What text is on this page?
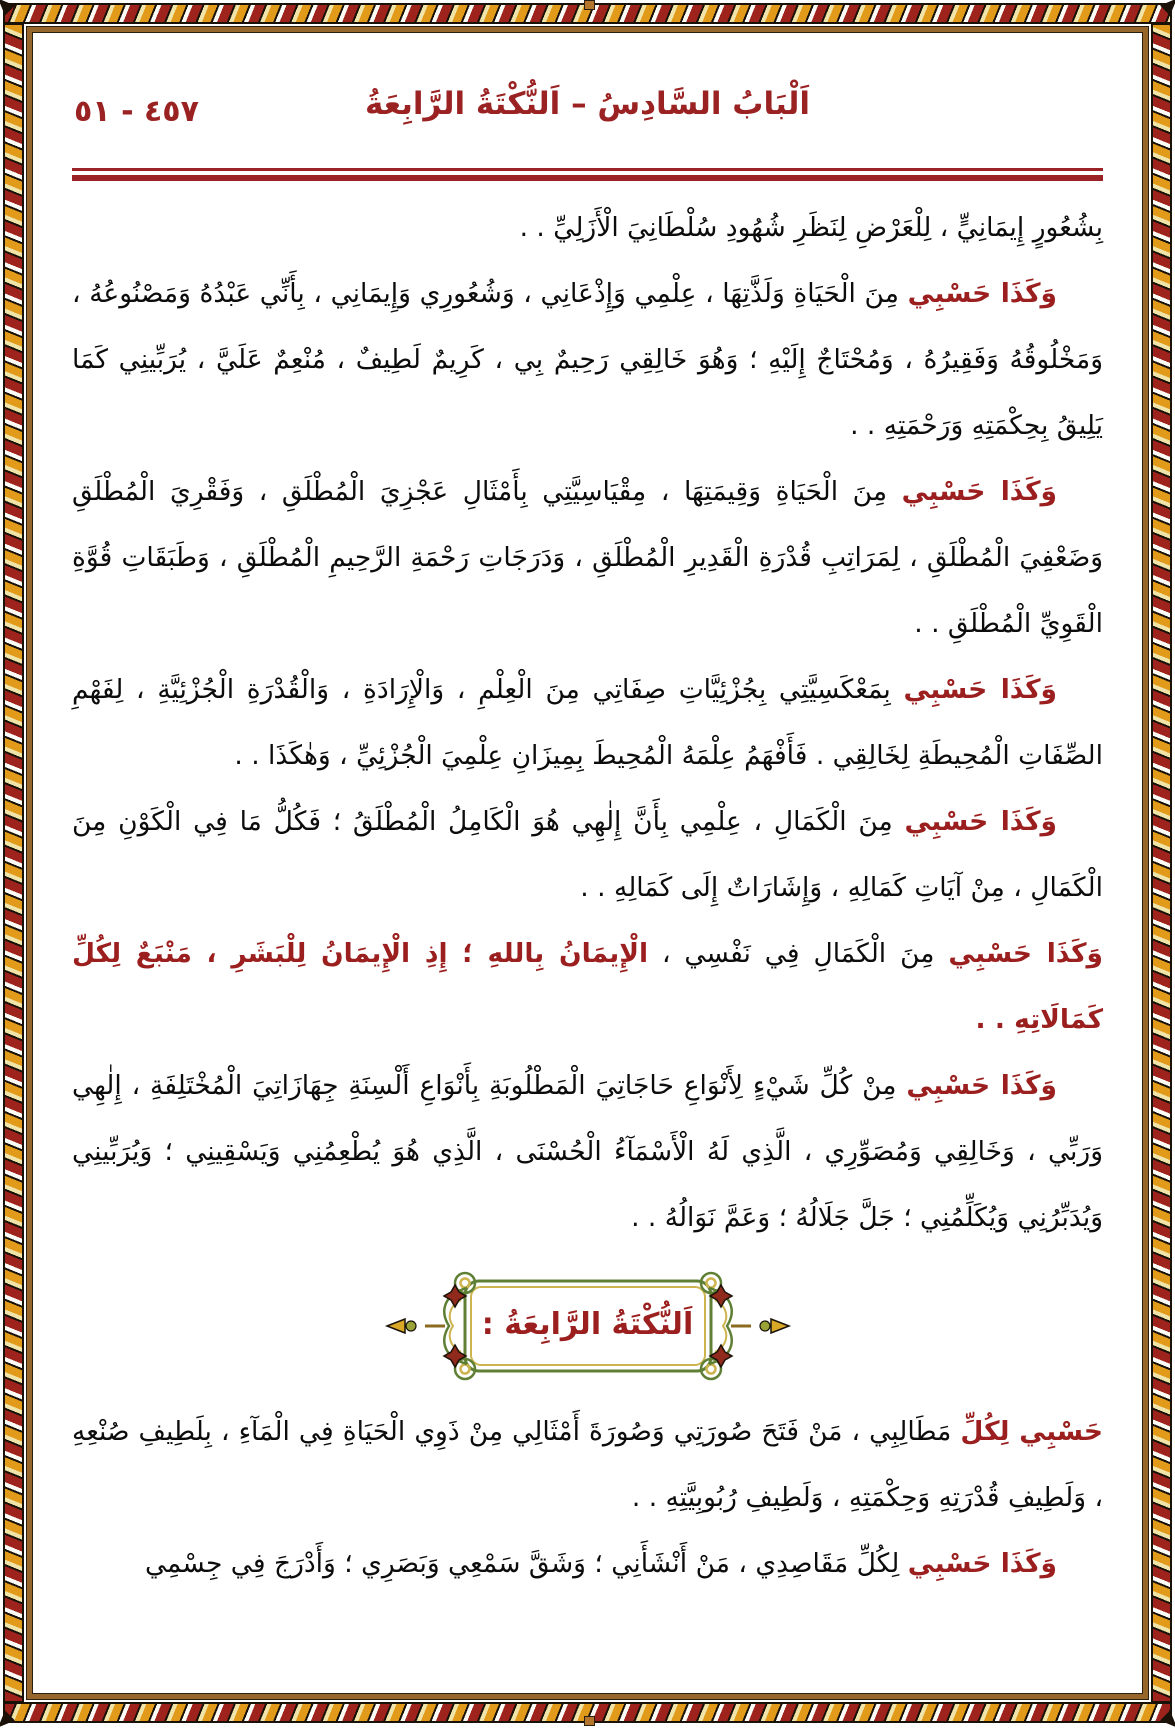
٤٥٧ - ٥١	اَلْبَابُ السَّادِسُ – اَلنُّكْتَةُ الرَّابِعَةُ

بِشُعُورٍ إِيمَانِيٍّ ، لِلْعَرْضِ لِنَظَرِ شُهُودِ سُلْطَانِيَ الْأَزَلِيِّ . .

وَكَذَا حَسْبِي مِنَ الْحَيَاةِ وَلَذَّتِهَا ، عِلْمِي وَإِذْعَانِي ، وَشُعُورِي وَإِيمَانِي ، بِأَنِّي عَبْدُهُ وَمَصْنُوعُهُ ، وَمَخْلُوقُهُ وَفَقِيرُهُ ، وَمُحْتَاجٌ إِلَيْهِ ؛ وَهُوَ خَالِقِي رَحِيمٌ بِي ، كَرِيمٌ لَطِيفٌ ، مُنْعِمٌ عَلَيَّ ، يُرَبِّينِي كَمَا يَلِيقُ بِحِكْمَتِهِ وَرَحْمَتِهِ . .

وَكَذَا حَسْبِي مِنَ الْحَيَاةِ وَقِيمَتِهَا ، مِقْيَاسِيَّتِي بِأَمْثَالِ عَجْزِيَ الْمُطْلَقِ ، وَفَقْرِيَ الْمُطْلَقِ وَضَعْفِيَ الْمُطْلَقِ ، لِمَرَاتِبِ قُدْرَةِ الْقَدِيرِ الْمُطْلَقِ ، وَدَرَجَاتِ رَحْمَةِ الرَّحِيمِ الْمُطْلَقِ ، وَطَبَقَاتِ قُوَّةِ الْقَوِيِّ الْمُطْلَقِ . .

وَكَذَا حَسْبِي بِمَعْكَسِيَّتِي بِجُزْئِيَّاتِ صِفَاتِي مِنَ الْعِلْمِ ، وَالْإِرَادَةِ ، وَالْقُدْرَةِ الْجُزْئِيَّةِ ، لِفَهْمِ الصِّفَاتِ الْمُحِيطَةِ لِخَالِقِي . فَأَفْهَمُ عِلْمَهُ الْمُحِيطَ بِمِيزَانِ عِلْمِيَ الْجُزْئِيِّ ، وَهٰكَذَا . .

وَكَذَا حَسْبِي مِنَ الْكَمَالِ ، عِلْمِي بِأَنَّ إِلٰهِي هُوَ الْكَامِلُ الْمُطْلَقُ ؛ فَكُلُّ مَا فِي الْكَوْنِ مِنَ الْكَمَالِ ، مِنْ آيَاتِ كَمَالِهِ ، وَإِشَارَاتٌ إِلَى كَمَالِهِ . .

وَكَذَا حَسْبِي مِنَ الْكَمَالِ فِي نَفْسِي ، الْإِيمَانُ بِاللهِ ؛ إِذِ الْإِيمَانُ لِلْبَشَرِ ، مَنْبَعٌ لِكُلِّ كَمَالَاتِهِ . .

وَكَذَا حَسْبِي مِنْ كُلِّ شَيْءٍ لِأَنْوَاعِ حَاجَاتِيَ الْمَطْلُوبَةِ بِأَنْوَاعِ أَلْسِنَةِ جِهَازَاتِيَ الْمُخْتَلِفَةِ ، إِلٰهِي وَرَبِّي ، وَخَالِقِي وَمُصَوِّرِي ، الَّذِي لَهُ الْأَسْمَآءُ الْحُسْنَى ، الَّذِي هُوَ يُطْعِمُنِي وَيَسْقِينِي ؛ وَيُرَبِّينِي وَيُدَبِّرُنِي وَيُكَلِّمُنِي ؛ جَلَّ جَلَالُهُ ؛ وَعَمَّ نَوَالُهُ . .

اَلنُّكْتَةُ الرَّابِعَةُ :

حَسْبِي لِكُلِّ مَطَالِبِي ، مَنْ فَتَحَ صُورَتِي وَصُورَةَ أَمْثَالِي مِنْ ذَوِي الْحَيَاةِ فِي الْمَآءِ ، بِلَطِيفِ صُنْعِهِ ، وَلَطِيفِ قُدْرَتِهِ وَحِكْمَتِهِ ، وَلَطِيفِ رُبُوبِيَّتِهِ . .

وَكَذَا حَسْبِي لِكُلِّ مَقَاصِدِي ، مَنْ أَنْشَأَنِي ؛ وَشَقَّ سَمْعِي وَبَصَرِي ؛ وَأَدْرَجَ فِي جِسْمِي
